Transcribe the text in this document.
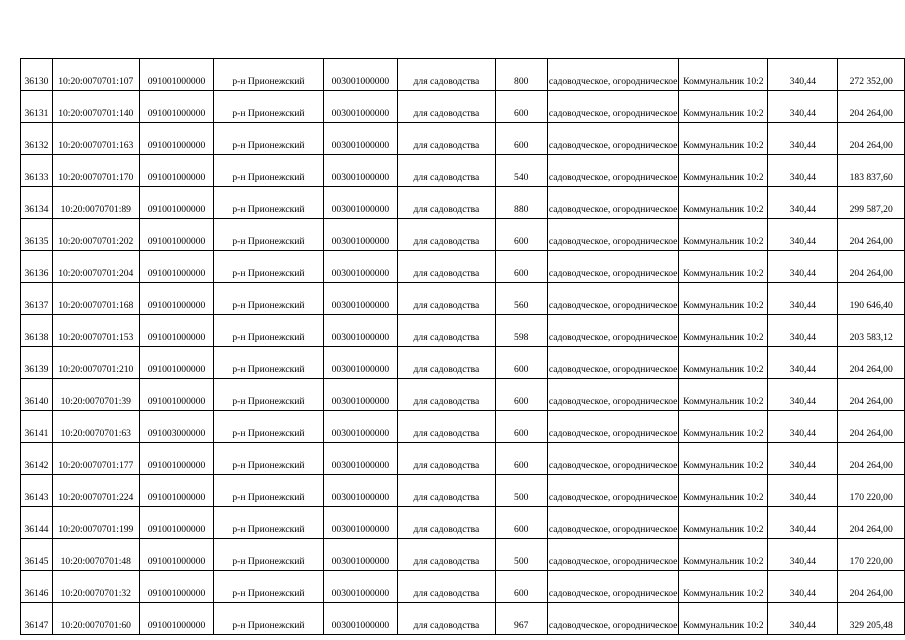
36130	10:20:0070701:107	091001000000	р-н Прионежский	003001000000	для садоводства	800	садоводческое, огородническое	Коммунальник 10:2	340,44	272 352,00
36131	10:20:0070701:140	091001000000	р-н Прионежский	003001000000	для садоводства	600	садоводческое, огородническое	Коммунальник 10:2	340,44	204 264,00
36132	10:20:0070701:163	091001000000	р-н Прионежский	003001000000	для садоводства	600	садоводческое, огородническое	Коммунальник 10:2	340,44	204 264,00
36133	10:20:0070701:170	091001000000	р-н Прионежский	003001000000	для садоводства	540	садоводческое, огородническое	Коммунальник 10:2	340,44	183 837,60
36134	10:20:0070701:89	091001000000	р-н Прионежский	003001000000	для садоводства	880	садоводческое, огородническое	Коммунальник 10:2	340,44	299 587,20
36135	10:20:0070701:202	091001000000	р-н Прионежский	003001000000	для садоводства	600	садоводческое, огородническое	Коммунальник 10:2	340,44	204 264,00
36136	10:20:0070701:204	091001000000	р-н Прионежский	003001000000	для садоводства	600	садоводческое, огородническое	Коммунальник 10:2	340,44	204 264,00
36137	10:20:0070701:168	091001000000	р-н Прионежский	003001000000	для садоводства	560	садоводческое, огородническое	Коммунальник 10:2	340,44	190 646,40
36138	10:20:0070701:153	091001000000	р-н Прионежский	003001000000	для садоводства	598	садоводческое, огородническое	Коммунальник 10:2	340,44	203 583,12
36139	10:20:0070701:210	091001000000	р-н Прионежский	003001000000	для садоводства	600	садоводческое, огородническое	Коммунальник 10:2	340,44	204 264,00
36140	10:20:0070701:39	091001000000	р-н Прионежский	003001000000	для садоводства	600	садоводческое, огородническое	Коммунальник 10:2	340,44	204 264,00
36141	10:20:0070701:63	091003000000	р-н Прионежский	003001000000	для садоводства	600	садоводческое, огородническое	Коммунальник 10:2	340,44	204 264,00
36142	10:20:0070701:177	091001000000	р-н Прионежский	003001000000	для садоводства	600	садоводческое, огородническое	Коммунальник 10:2	340,44	204 264,00
36143	10:20:0070701:224	091001000000	р-н Прионежский	003001000000	для садоводства	500	садоводческое, огородническое	Коммунальник 10:2	340,44	170 220,00
36144	10:20:0070701:199	091001000000	р-н Прионежский	003001000000	для садоводства	600	садоводческое, огородническое	Коммунальник 10:2	340,44	204 264,00
36145	10:20:0070701:48	091001000000	р-н Прионежский	003001000000	для садоводства	500	садоводческое, огородническое	Коммунальник 10:2	340,44	170 220,00
36146	10:20:0070701:32	091001000000	р-н Прионежский	003001000000	для садоводства	600	садоводческое, огородническое	Коммунальник 10:2	340,44	204 264,00
36147	10:20:0070701:60	091001000000	р-н Прионежский	003001000000	для садоводства	967	садоводческое, огородническое	Коммунальник 10:2	340,44	329 205,48
